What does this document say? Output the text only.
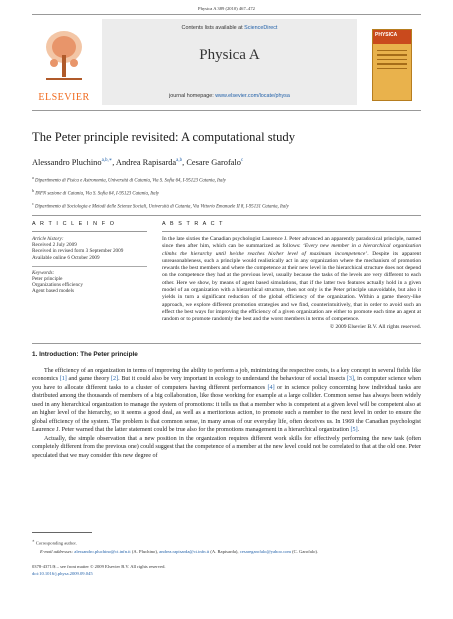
Physica A 389 (2010) 467–472
ELSEVIER
Contents lists available at ScienceDirect
Physica A
journal homepage: www.elsevier.com/locate/physa
PHYSICA
The Peter principle revisited: A computational study
Alessandro Pluchino$^{a,b,∗}$, Andrea Rapisarda$^{a,b}$, Cesare Garofalo$^c$
$^a$ Dipartimento di Fisica e Astronomia, Università di Catania, Via S. Sofia 64, I-95123 Catania, Italy
$^b$ INFN sezione di Catania, Via S. Sofia 64, I-95123 Catania, Italy
$^c$ Dipartimento di Sociologia e Metodi delle Scienze Sociali, Università di Catania, Via Vittorio Emanuele II 8, I-95131 Catania, Italy
A R T I C L E I N F O	A B S T R A C T
Article history:
Received 2 July 2009
Received in revised form 3 September 2009
Available online 6 October 2009
Keywords:
Peter principle
Organizations efficiency
Agent based models
In the late sixties the Canadian psychologist Laurence J. Peter advanced an apparently paradoxical principle, named since then after him, which can be summarized as follows: ‘Every new member in a hierarchical organization climbs the hierarchy until he/she reaches his/her level of maximum incompetence’. Despite its apparent unreasonableness, such a principle would realistically act in any organization where the mechanism of promotion rewards the best members and where the competence at their new level in the hierarchical structure does not depend on the competence they had at the previous level, usually because the tasks of the levels are very different to each other. Here we show, by means of agent based simulations, that if the latter two features actually hold in a given model of an organization with a hierarchical structure, then not only is the Peter principle unavoidable, but also it yields in turn a significant reduction of the global efficiency of the organization. Within a game theory-like approach, we explore different promotion strategies and we find, counterintuitively, that in order to avoid such an effect the best ways for improving the efficiency of a given organization are either to promote each time an agent at random or to promote randomly the best and the worst members in terms of competence.
© 2009 Elsevier B.V. All rights reserved.
1. Introduction: The Peter principle

The efficiency of an organization in terms of improving the ability to perform a job, minimizing the respective costs, is a key concept in several fields like economics [1] and game theory [2]. But it could also be very important in ecology to understand the behaviour of social insects [3], in computer science when you have to allocate different tasks to a cluster of computers having different performances [4] or in science policy concerning how individual tasks are distributed among the thousands of members of a big collaboration, like those working for example at a large collider. Common sense has always been widely used in any hierarchical organization to manage the system of promotions: it tells us that a member who is competent at a given level will be competent also at an higher level of the hierarchy, so it seems a good deal, as well as a meritorious action, to promote such a member to the next level in order to ensure the global efficiency of the system. The problem is that common sense, in many areas of our everyday life, often deceives us. In 1969 the Canadian psychologist Laurence J. Peter warned that the latter statement could be true also for the promotions management in a hierarchical organization [5].

Actually, the simple observation that a new position in the organization requires different work skills for effectively performing the new task (often completely different from the previous one) could suggest that the competence of a member at the new level could not be correlated to that at the old one. Peter speculated that we may consider this new degree of

∗ Corresponding author.
E-mail addresses: alessandro.pluchino@ct.infn.it (A. Pluchino), andrea.rapisarda@ct.infn.it (A. Rapisarda), cesaregarofalo@yahoo.com (C. Garofalo).
0378-4371/$ – see front matter © 2009 Elsevier B.V. All rights reserved.
doi:10.1016/j.physa.2009.09.045
